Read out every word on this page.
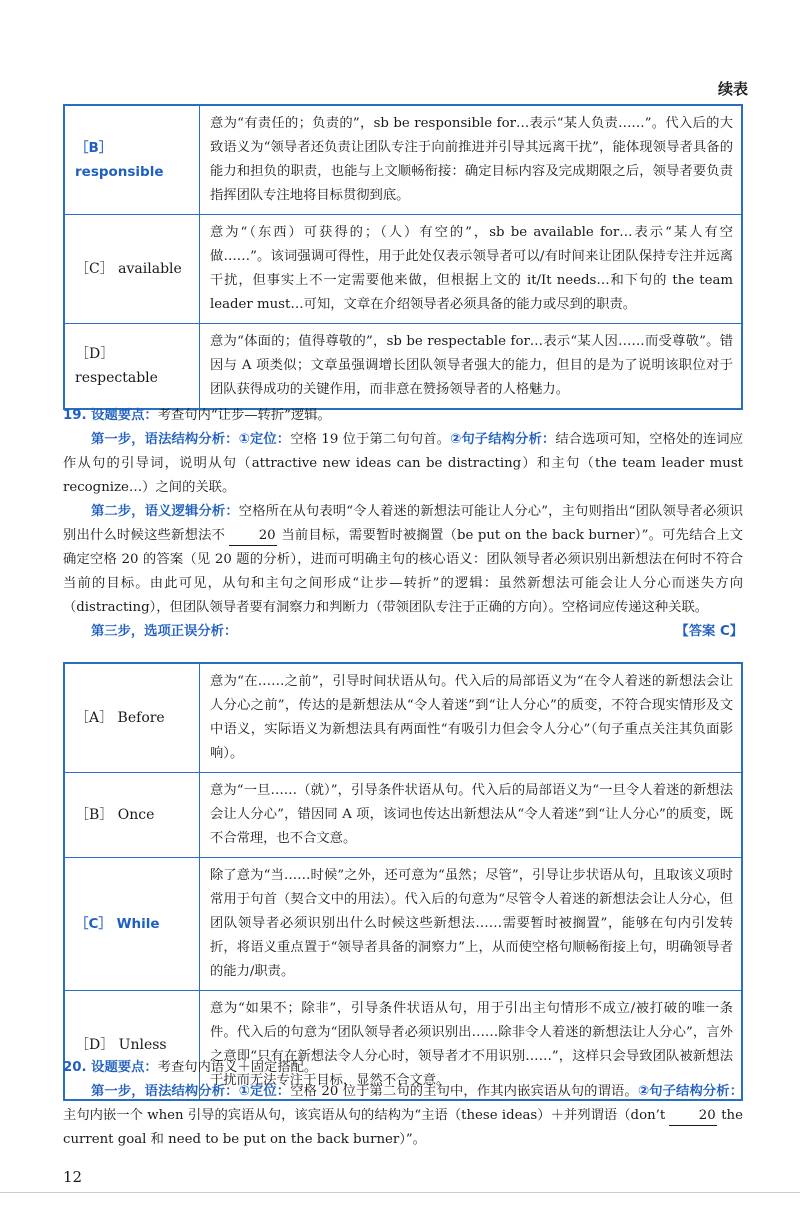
续表
［B］ responsible	意为“有责任的；负责的”，sb be responsible for…表示“某人负责……”。代入后的大致语义为“领导者还负责让团队专注于向前推进并引导其远离干扰”，能体现领导者具备的能力和担负的职责，也能与上文顺畅衔接：确定目标内容及完成期限之后，领导者要负责指挥团队专注地将目标贯彻到底。
［C］ available	意为“（东西）可获得的；（人）有空的”，sb be available for…表示“某人有空做……”。该词强调可得性，用于此处仅表示领导者可以/有时间来让团队保持专注并远离干扰，但事实上不一定需要他来做，但根据上文的 it/It needs…和下句的 the team leader must…可知，文章在介绍领导者必须具备的能力或尽到的职责。
［D］ respectable	意为“体面的；值得尊敬的”，sb be respectable for…表示“某人因……而受尊敬”。错因与 A 项类似；文章虽强调增长团队领导者强大的能力，但目的是为了说明该职位对于团队获得成功的关键作用，而非意在赞扬领导者的人格魅力。
19. 设题要点：考查句内“让步—转折”逻辑。
第一步，语法结构分析：①定位：空格 19 位于第二句句首。②句子结构分析：结合选项可知，空格处的连词应作从句的引导词，说明从句（attractive new ideas can be distracting）和主句（the team leader must recognize…）之间的关联。
第二步，语义逻辑分析：空格所在从句表明“令人着迷的新想法可能让人分心”，主句则指出“团队领导者必须识别出什么时候这些新想法不	20 当前目标，需要暂时被搁置（be put on the back burner）”。可先结合上文确定空格 20 的答案（见 20 题的分析），进而可明确主句的核心语义：团队领导者必须识别出新想法在何时不符合当前的目标。由此可见，从句和主句之间形成“让步—转折”的逻辑：虽然新想法可能会让人分心而迷失方向（distracting），但团队领导者要有洞察力和判断力（带领团队专注于正确的方向）。空格词应传递这种关联。
第三步，选项正误分析：	【答案 C】
［A］ Before	意为“在……之前”，引导时间状语从句。代入后的局部语义为“在令人着迷的新想法会让人分心之前”，传达的是新想法从“令人着迷”到“让人分心”的质变，不符合现实情形及文中语义，实际语义为新想法具有两面性“有吸引力但会令人分心”（句子重点关注其负面影响）。
［B］ Once	意为“一旦……（就）”，引导条件状语从句。代入后的局部语义为“一旦令人着迷的新想法会让人分心”，错因同 A 项，该词也传达出新想法从“令人着迷”到“让人分心”的质变，既不合常理，也不合文意。
［C］ While	除了意为“当……时候”之外，还可意为“虽然；尽管”，引导让步状语从句，且取该义项时常用于句首（契合文中的用法）。代入后的句意为“尽管令人着迷的新想法会让人分心，但团队领导者必须识别出什么时候这些新想法……需要暂时被搁置”，能够在句内引发转折，将语义重点置于“领导者具备的洞察力”上，从而使空格句顺畅衔接上句，明确领导者的能力/职责。
［D］ Unless	意为“如果不；除非”，引导条件状语从句，用于引出主句情形不成立/被打破的唯一条件。代入后的句意为“团队领导者必须识别出……除非令人着迷的新想法让人分心”，言外之意即“只有在新想法令人分心时，领导者才不用识别……”，这样只会导致团队被新想法干扰而无法专注于目标，显然不合文意。
20. 设题要点：考查句内语义＋固定搭配。
第一步，语法结构分析：①定位：空格 20 位于第二句的主句中，作其内嵌宾语从句的谓语。②句子结构分析：主句内嵌一个 when 引导的宾语从句，该宾语从句的结构为“主语（these ideas）＋并列谓语（don’t	20 the current goal 和 need to be put on the back burner）”。
12
